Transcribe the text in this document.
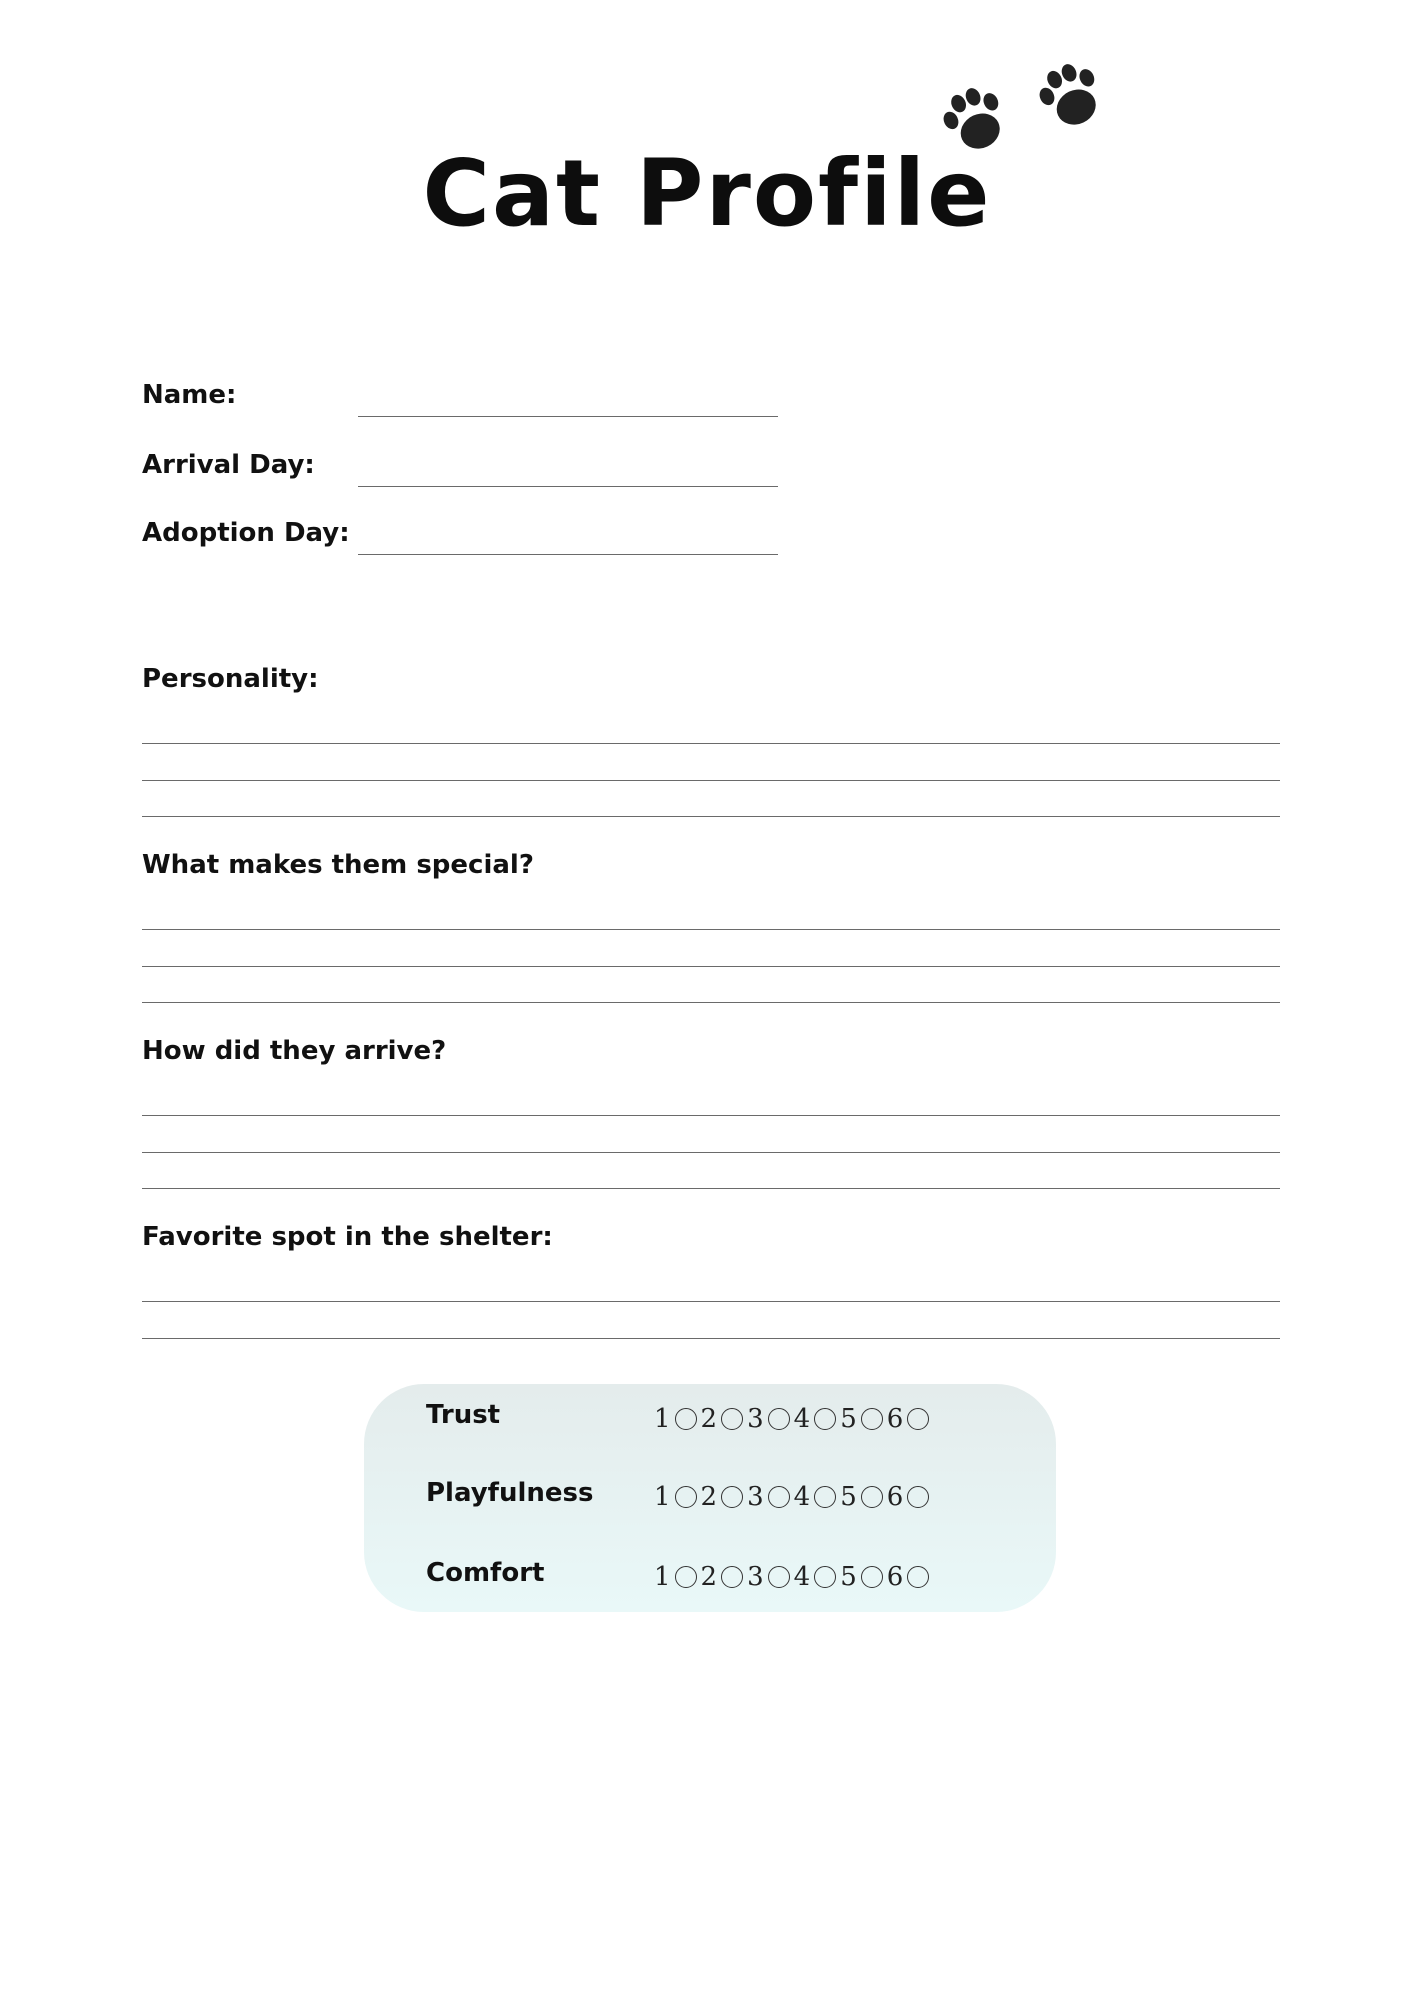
Cat Profile
Name:
Arrival Day:
Adoption Day:
Personality:
What makes them special?
How did they arrive?
Favorite spot in the shelter:
Trust	1 2 3 4 5 6
Playfulness 1 2 3 4 5 6
Comfort	1 2 3 4 5 6
